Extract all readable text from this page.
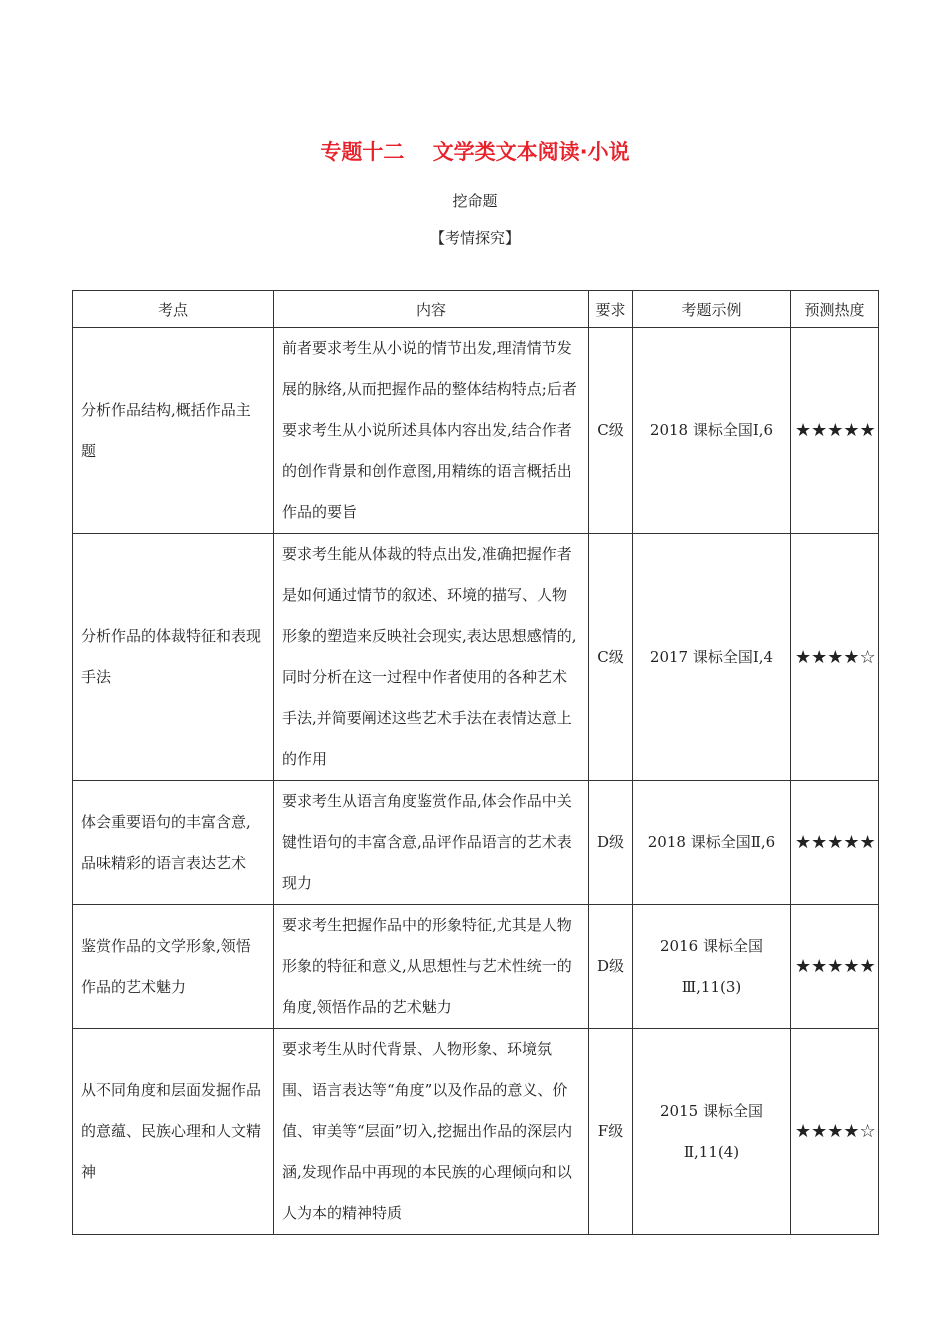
专题十二　 文学类文本阅读·小说
挖命题
【考情探究】
考点	内容	要求	考题示例	预测热度
分析作品结构,概括作品主题	前者要求考生从小说的情节出发,理清情节发展的脉络,从而把握作品的整体结构特点;后者要求考生从小说所述具体内容出发,结合作者的创作背景和创作意图,用精练的语言概括出作品的要旨	C级	2018 课标全国Ⅰ,6	★★★★★
分析作品的体裁特征和表现手法	要求考生能从体裁的特点出发,准确把握作者是如何通过情节的叙述、环境的描写、人物形象的塑造来反映社会现实,表达思想感情的,同时分析在这一过程中作者使用的各种艺术手法,并简要阐述这些艺术手法在表情达意上的作用	C级	2017 课标全国Ⅰ,4	★★★★☆
体会重要语句的丰富含意,品味精彩的语言表达艺术	要求考生从语言角度鉴赏作品,体会作品中关键性语句的丰富含意,品评作品语言的艺术表现力	D级	2018 课标全国Ⅱ,6	★★★★★
鉴赏作品的文学形象,领悟作品的艺术魅力	要求考生把握作品中的形象特征,尤其是人物形象的特征和意义,从思想性与艺术性统一的角度,领悟作品的艺术魅力	D级	2016 课标全国Ⅲ,11(3)	★★★★★
从不同角度和层面发掘作品的意蕴、民族心理和人文精神	要求考生从时代背景、人物形象、环境氛围、语言表达等“角度”以及作品的意义、价值、审美等“层面”切入,挖掘出作品的深层内涵,发现作品中再现的本民族的心理倾向和以人为本的精神特质	F级	2015 课标全国Ⅱ,11(4)	★★★★☆
